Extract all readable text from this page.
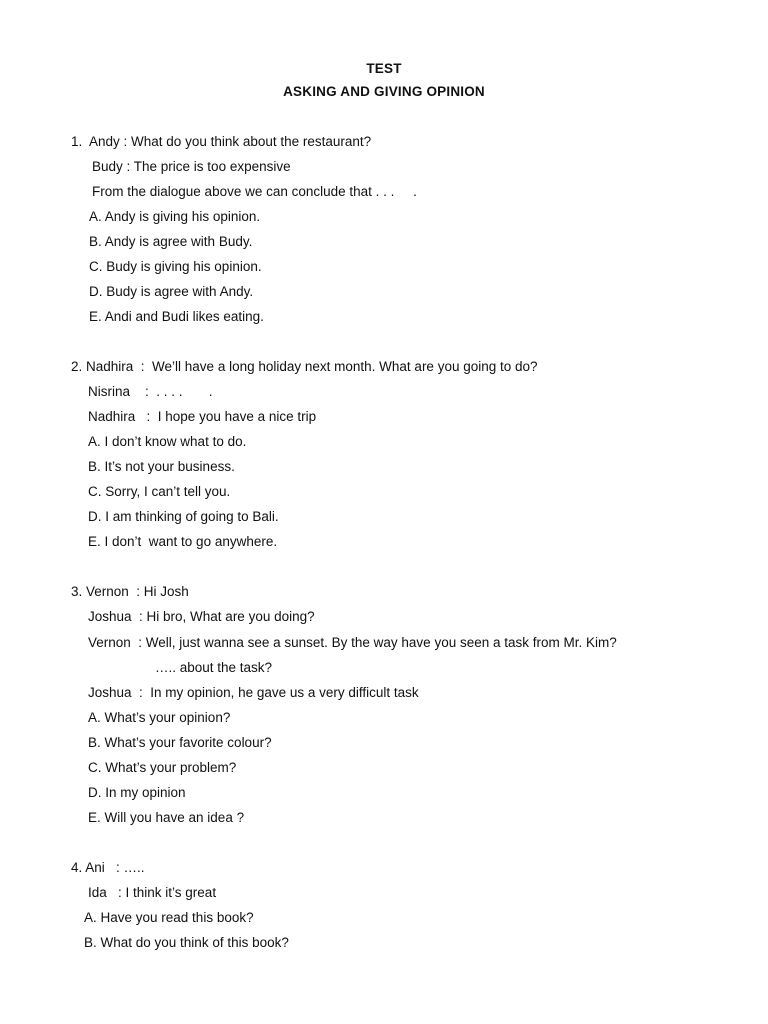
TEST
ASKING AND GIVING OPINION
1.  Andy : What do you think about the restaurant?
Budy : The price is too expensive
From the dialogue above we can conclude that . . .     .
A. Andy is giving his opinion.
B. Andy is agree with Budy.
C. Budy is giving his opinion.
D. Budy is agree with Andy.
E. Andi and Budi likes eating.
2. Nadhira  :  We’ll have a long holiday next month. What are you going to do?
Nisrina    :  . . . .       .
Nadhira   :  I hope you have a nice trip
A. I don’t know what to do.
B. It’s not your business.
C. Sorry, I can’t tell you.
D. I am thinking of going to Bali.
E. I don’t  want to go anywhere.
3. Vernon  : Hi Josh
Joshua  : Hi bro, What are you doing?
Vernon  : Well, just wanna see a sunset. By the way have you seen a task from Mr. Kim?
….. about the task?
Joshua  :  In my opinion, he gave us a very difficult task
A. What’s your opinion?
B. What’s your favorite colour?
C. What’s your problem?
D. In my opinion
E. Will you have an idea ?
4. Ani   : …..
Ida   : I think it’s great
A. Have you read this book?
B. What do you think of this book?
